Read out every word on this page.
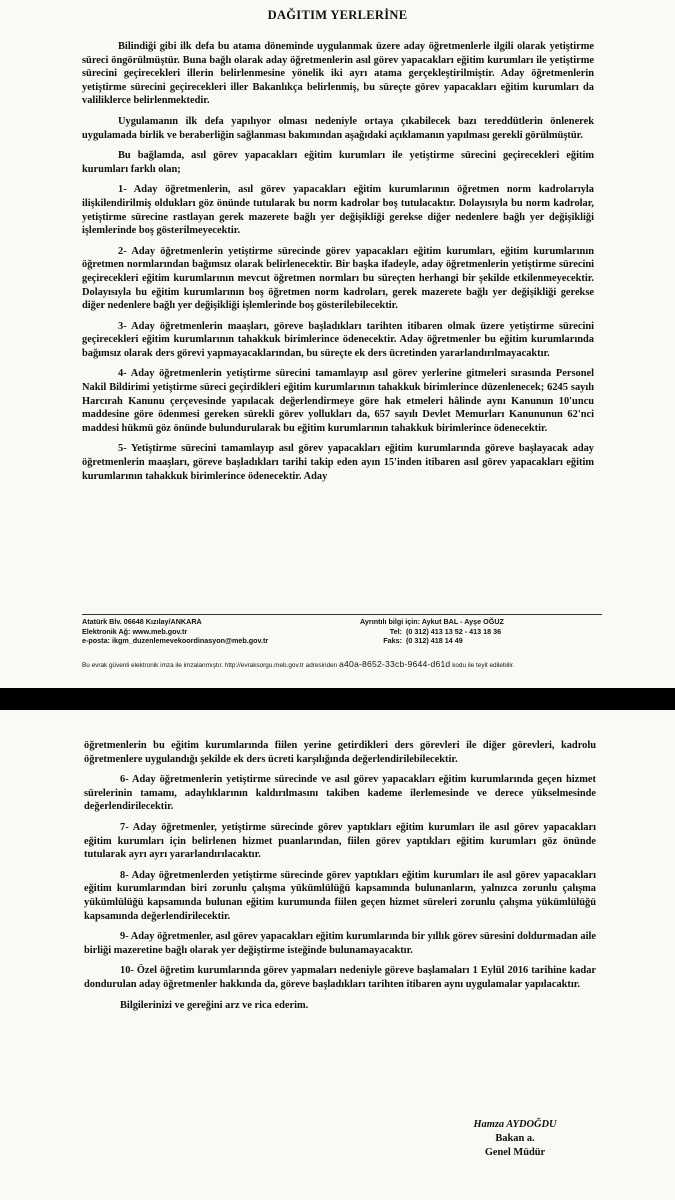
DAĞITIM YERLERİNE

Bilindiği gibi ilk defa bu atama döneminde uygulanmak üzere aday öğretmenlerle ilgili olarak yetiştirme süreci öngörülmüştür. Buna bağlı olarak aday öğretmenlerin asıl görev yapacakları eğitim kurumları ile yetiştirme sürecini geçirecekleri illerin belirlenmesine yönelik iki ayrı atama gerçekleştirilmiştir. Aday öğretmenlerin yetiştirme sürecini geçirecekleri iller Bakanlıkça belirlenmiş, bu süreçte görev yapacakları eğitim kurumları da valiliklerce belirlenmektedir.

Uygulamanın ilk defa yapılıyor olması nedeniyle ortaya çıkabilecek bazı tereddütlerin önlenerek uygulamada birlik ve beraberliğin sağlanması bakımından aşağıdaki açıklamanın yapılması gerekli görülmüştür.

Bu bağlamda, asıl görev yapacakları eğitim kurumları ile yetiştirme sürecini geçirecekleri eğitim kurumları farklı olan;

1- Aday öğretmenlerin, asıl görev yapacakları eğitim kurumlarının öğretmen norm kadrolarıyla ilişkilendirilmiş oldukları göz önünde tutularak bu norm kadrolar boş tutulacaktır. Dolayısıyla bu norm kadrolar, yetiştirme sürecine rastlayan gerek mazerete bağlı yer değişikliği gerekse diğer nedenlere bağlı yer değişikliği işlemlerinde boş gösterilmeyecektir.

2- Aday öğretmenlerin yetiştirme sürecinde görev yapacakları eğitim kurumları, eğitim kurumlarının öğretmen normlarından bağımsız olarak belirlenecektir. Bir başka ifadeyle, aday öğretmenlerin yetiştirme sürecini geçirecekleri eğitim kurumlarının mevcut öğretmen normları bu süreçten herhangi bir şekilde etkilenmeyecektir. Dolayısıyla bu eğitim kurumlarının boş öğretmen norm kadroları, gerek mazerete bağlı yer değişikliği gerekse diğer nedenlere bağlı yer değişikliği işlemlerinde boş gösterilebilecektir.

3- Aday öğretmenlerin maaşları, göreve başladıkları tarihten itibaren olmak üzere yetiştirme sürecini geçirecekleri eğitim kurumlarının tahakkuk birimlerince ödenecektir. Aday öğretmenler bu eğitim kurumlarında bağımsız olarak ders görevi yapmayacaklarından, bu süreçte ek ders ücretinden yararlandırılmayacaktır.

4- Aday öğretmenlerin yetiştirme sürecini tamamlayıp asıl görev yerlerine gitmeleri sırasında Personel Nakil Bildirimi yetiştirme süreci geçirdikleri eğitim kurumlarının tahakkuk birimlerince düzenlenecek; 6245 sayılı Harcırah Kanunu çerçevesinde yapılacak değerlendirmeye göre hak etmeleri hâlinde aynı Kanunun 10'uncu maddesine göre ödenmesi gereken sürekli görev yollukları da, 657 sayılı Devlet Memurları Kanununun 62'nci maddesi hükmü göz önünde bulundurularak bu eğitim kurumlarının tahakkuk birimlerince ödenecektir.

5- Yetiştirme sürecini tamamlayıp asıl görev yapacakları eğitim kurumlarında göreve başlayacak aday öğretmenlerin maaşları, göreve başladıkları tarihi takip eden ayın 15'inden itibaren asıl görev yapacakları eğitim kurumlarının tahakkuk birimlerince ödenecektir. Aday

Atatürk Blv. 06648 Kızılay/ANKARA
Elektronik Ağ: www.meb.gov.tr
e-posta: ikgm_duzenlemevekoordinasyon@meb.gov.tr
Ayrıntılı bilgi için: Aykut BAL - Ayşe OĞUZ
Tel: (0 312) 413 13 52 - 413 18 36
Faks: (0 312) 418 14 49
Bu evrak güvenli elektronik imza ile imzalanmıştır. http://evraksorgu.meb.gov.tr adresinden a40a-8652-33cb-9644-d61d kodu ile teyit edilebilir.

öğretmenlerin bu eğitim kurumlarında fiilen yerine getirdikleri ders görevleri ile diğer görevleri, kadrolu öğretmenlere uygulandığı şekilde ek ders ücreti karşılığında değerlendirilebilecektir.

6- Aday öğretmenlerin yetiştirme sürecinde ve asıl görev yapacakları eğitim kurumlarında geçen hizmet sürelerinin tamamı, adaylıklarının kaldırılmasını takiben kademe ilerlemesinde ve derece yükselmesinde değerlendirilecektir.

7- Aday öğretmenler, yetiştirme sürecinde görev yaptıkları eğitim kurumları ile asıl görev yapacakları eğitim kurumları için belirlenen hizmet puanlarından, fiilen görev yaptıkları eğitim kurumları göz önünde tutularak ayrı ayrı yararlandırılacaktır.

8- Aday öğretmenlerden yetiştirme sürecinde görev yaptıkları eğitim kurumları ile asıl görev yapacakları eğitim kurumlarından biri zorunlu çalışma yükümlülüğü kapsamında bulunanların, yalnızca zorunlu çalışma yükümlülüğü kapsamında bulunan eğitim kurumunda fiilen geçen hizmet süreleri zorunlu çalışma yükümlülüğü kapsamında değerlendirilecektir.

9- Aday öğretmenler, asıl görev yapacakları eğitim kurumlarında bir yıllık görev süresini doldurmadan aile birliği mazeretine bağlı olarak yer değiştirme isteğinde bulunamayacaktır.

10- Özel öğretim kurumlarında görev yapmaları nedeniyle göreve başlamaları 1 Eylül 2016 tarihine kadar dondurulan aday öğretmenler hakkında da, göreve başladıkları tarihten itibaren aynı uygulamalar yapılacaktır.

Bilgilerinizi ve gereğini arz ve rica ederim.

Hamza AYDOĞDU
Bakan a.
Genel Müdür
